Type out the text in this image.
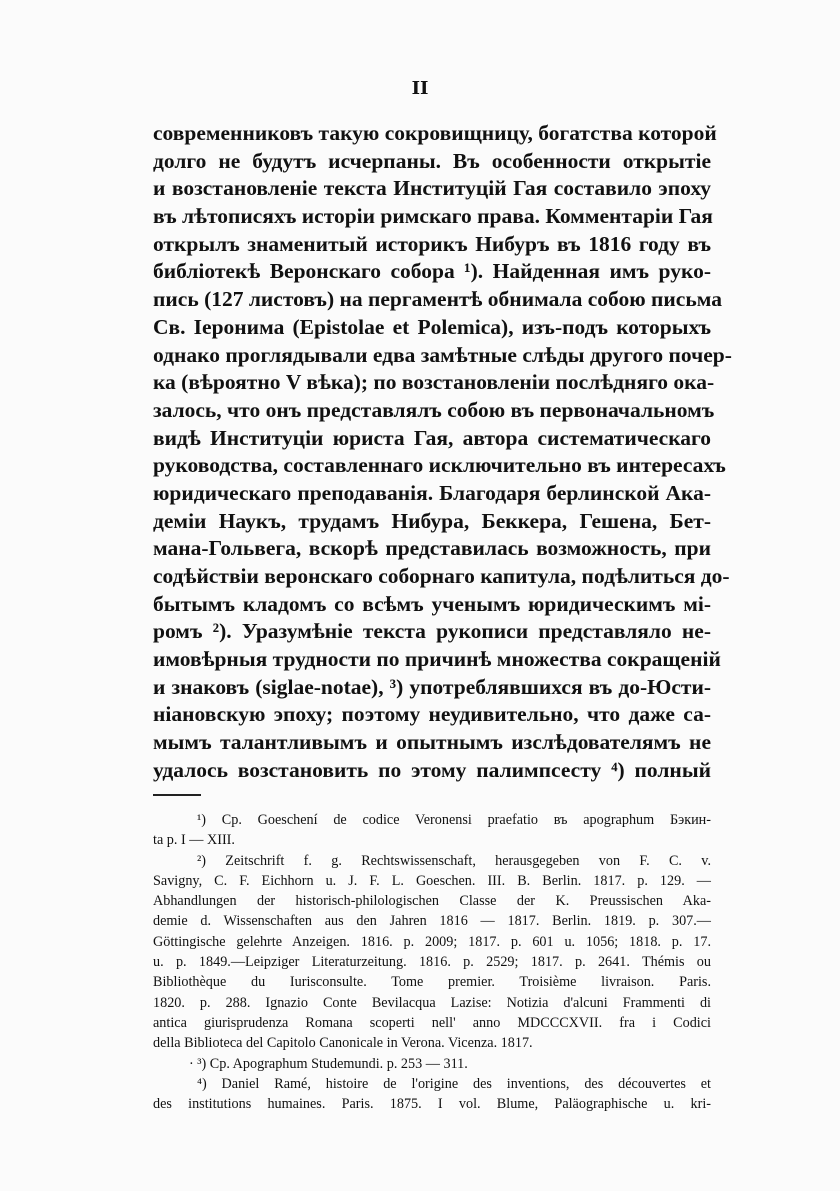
II
современниковъ такую сокровищницу, богатства которой
долго не будутъ исчерпаны. Въ особенности открытіе
и возстановленіе текста Институцій Гая составило эпоху
въ лѣтописяхъ исторіи римскаго права. Комментаріи Гая
открылъ знаменитый историкъ Нибуръ въ 1816 году въ
библіотекѣ Веронскаго собора ¹). Найденная имъ руко-
пись (127 листовъ) на пергаментѣ обнимала собою письма
Св. Іеронима (Epistolae et Polemica), изъ-подъ которыхъ
однако проглядывали едва замѣтные слѣды другого почер-
ка (вѣроятно V вѣка); по возстановленіи послѣдняго ока-
залось, что онъ представлялъ собою въ первоначальномъ
видѣ Институціи юриста Гая, автора систематическаго
руководства, составленнаго исключительно въ интересахъ
юридическаго преподаванія. Благодаря берлинской Ака-
деміи Наукъ, трудамъ Нибура, Беккера, Гешена, Бет-
мана-Гольвега, вскорѣ представилась возможность, при
содѣйствіи веронскаго соборнаго капитула, подѣлиться до-
бытымъ кладомъ со всѣмъ ученымъ юридическимъ мі-
ромъ ²). Уразумѣніе текста рукописи представляло не-
имовѣрныя трудности по причинѣ множества сокращеній
и знаковъ (siglae-notae), ³) употреблявшихся въ до-Юсти-
ніановскую эпоху; поэтому неудивительно, что даже са-
мымъ талантливымъ и опытнымъ изслѣдователямъ не
удалось возстановить по этому палимпсесту ⁴) полный
¹) Cp. Goeschení de codice Veronensi praefatio въ apographum Бэкин-
ta p. I — XIII.
²) Zeitschrift f. g. Rechtswissenschaft, herausgegeben von F. C. v.
Savigny, C. F. Eichhorn u. J. F. L. Goeschen. III. B. Berlin. 1817. p. 129. —
Abhandlungen der historisch-philologischen Classe der K. Preussischen Aka-
demie d. Wissenschaften aus den Jahren 1816 — 1817. Berlin. 1819. p. 307.—
Göttingische gelehrte Anzeigen. 1816. p. 2009; 1817. p. 601 u. 1056; 1818. p. 17.
u. p. 1849.—Leipziger Literaturzeitung. 1816. p. 2529; 1817. p. 2641. Thémis ou
Bibliothèque du Iurisconsulte. Tome premier. Troisième livraison. Paris.
1820. p. 288. Ignazio Conte Bevilacqua Lazise: Notizia d'alcuni Frammenti di
antica giurisprudenza Romana scoperti nell' anno MDCCCXVII. fra i Codici
della Biblioteca del Capitolo Canonicale in Verona. Vicenza. 1817.
· ³) Cp. Apographum Studemundi. p. 253 — 311.
⁴) Daniel Ramé, histoire de l'origine des inventions, des découvertes et
des institutions humaines. Paris. 1875. I vol. Blume, Paläographische u. kri-
